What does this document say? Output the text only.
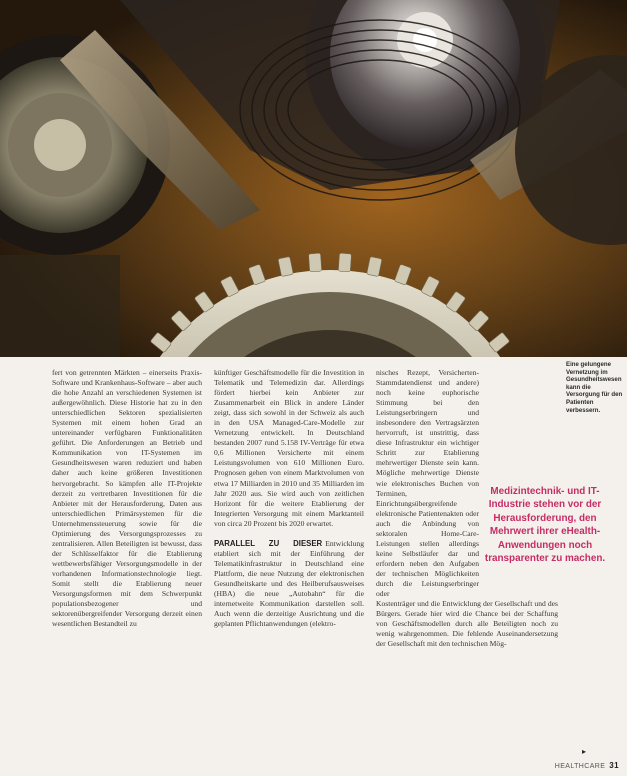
Eine gelungene Vernetzung im Gesundheitswesen kann die Versorgung für den Patienten verbessern.

fert von getrennten Märkten – einerseits Praxis-Software und Krankenhaus-Software – aber auch die hohe Anzahl an verschiedenen Systemen ist außergewöhnlich. Diese Historie hat zu in den unterschiedlichen Sektoren spezialisierten Systemen mit einem hohen Grad an untereinander verfügbaren Funktionalitäten geführt. Die Anforderungen an Betrieb und Kommunikation von IT-Systemen im Gesundheitswesen waren reduziert und haben daher auch keine größeren Investitionen hervorgebracht. So kämpfen alle IT-Projekte derzeit zu vertretbaren Investitionen für die Anbieter mit der Herausforderung, Daten aus unterschiedlichen Primärsystemen für die Unternehmenssteuerung sowie für die Optimierung des Versorgungsprozesses zu zentralisieren. Allen Beteiligten ist bewusst, dass der Schlüsselfaktor für die Etablierung wettbewerbsfähiger Versorgungsmodelle in der vorhandenen Informationstechnologie liegt. Somit stellt die Etablierung neuer Versorgungsformen mit dem Schwerpunkt populationsbezogener und sektorenübergreifender Versorgung derzeit einen wesentlichen Bestandteil zu

künftiger Geschäftsmodelle für die Investition in Telematik und Telemedizin dar. Allerdings fördert hierbei kein Anbieter zur Zusammenarbeit ein Blick in andere Länder zeigt, dass sich sowohl in der Schweiz als auch in den USA Managed-Care-Modelle zur Vernetzung entwickelt. In Deutschland bestanden 2007 rund 5.158 IV-Verträge für etwa 0,6 Millionen Versicherte mit einem Leistungsvolumen von 610 Millionen Euro. Prognosen gehen von einem Marktvolumen von etwa 17 Milliarden in 2010 und 35 Milliarden im Jahr 2020 aus. Sie wird auch von zeitlichen Horizont für die weitere Etablierung der Integrierten Versorgung mit einem Marktanteil von circa 20 Prozent bis 2020 erwartet.

PARALLEL ZU DIESER Entwicklung etabliert sich mit der Einführung der Telematikinfrastruktur in Deutschland eine Plattform, die neue Nutzung der elektronischen Gesundheitskarte und des Heilberufsausweises (HBA) die neue „Autobahn“ für die internetweite Kommunikation darstellen soll. Auch wenn die derzeitige Ausrichtung und die geplanten Pflichtanwendungen (elektro-

nisches Rezept, Versicherten-Stammdatendienst und andere) noch keine euphorische Stimmung bei den Leistungserbringern und insbesondere den Vertragsärzten hervorruft, ist unstrittig, dass diese Infrastruktur ein wichtiger Schritt zur Etablierung mehrwertiger Dienste sein kann. Mögliche mehrwertige Dienste wie elektronisches Buchen von Terminen, Einrichtungsübergreifende elektronische Patientenakten oder auch die Anbindung von sektoralen Home-Care-Leistungen stellen allerdings keine Selbstläufer dar und erfordern neben den Aufgaben der technischen Möglichkeiten durch die Leistungserbringer oder

Kostenträger und die Entwicklung der Gesellschaft und des Bürgers. Gerade hier wird die Chance bei der Schaffung von Geschäftsmodellen durch alle Beteiligten noch zu wenig wahrgenommen. Die fehlende Auseinandersetzung der Gesellschaft mit den technischen Mög-

Medizintechnik- und IT-Industrie stehen vor der Herausforderung, den Mehrwert ihrer eHealth-Anwendungen noch transparenter zu machen.
▸
HEALTHCARE 31
